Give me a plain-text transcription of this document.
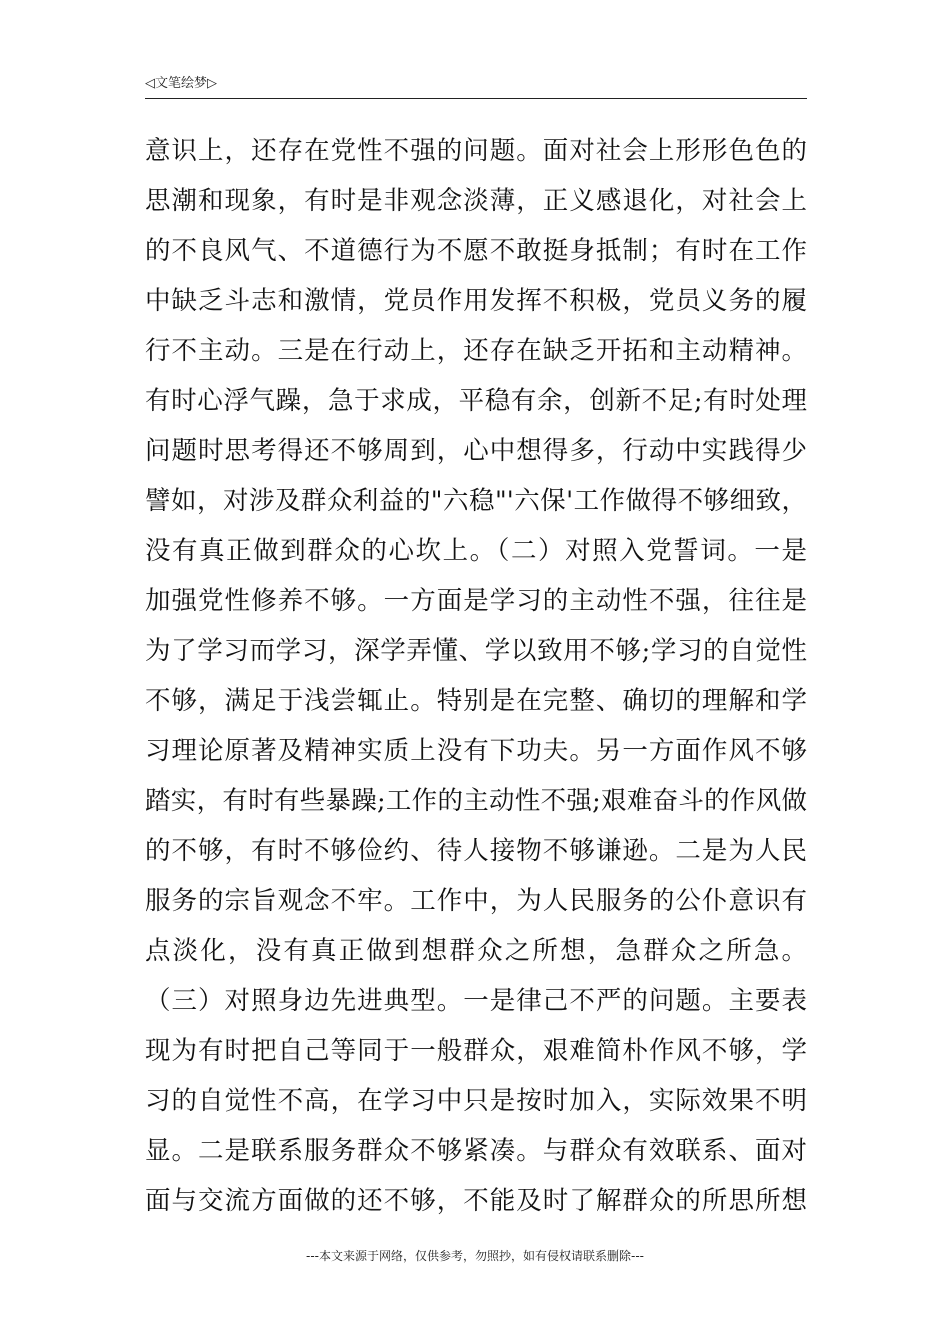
◁文笔绘梦▷
意识上，还存在党性不强的问题。面对社会上形形色色的
思潮和现象，有时是非观念淡薄，正义感退化，对社会上
的不良风气、不道德行为不愿不敢挺身抵制；有时在工作
中缺乏斗志和激情，党员作用发挥不积极，党员义务的履
行不主动。三是在行动上，还存在缺乏开拓和主动精神。
有时心浮气躁，急于求成，平稳有余，创新不足;有时处理
问题时思考得还不够周到，心中想得多，行动中实践得少
譬如，对涉及群众利益的"六稳"'六保'工作做得不够细致，
没有真正做到群众的心坎上。（二）对照入党誓词。一是
加强党性修养不够。一方面是学习的主动性不强，往往是
为了学习而学习，深学弄懂、学以致用不够;学习的自觉性
不够，满足于浅尝辄止。特别是在完整、确切的理解和学
习理论原著及精神实质上没有下功夫。另一方面作风不够
踏实，有时有些暴躁;工作的主动性不强;艰难奋斗的作风做
的不够，有时不够俭约、待人接物不够谦逊。二是为人民
服务的宗旨观念不牢。工作中，为人民服务的公仆意识有
点淡化，没有真正做到想群众之所想，急群众之所急。
（三）对照身边先进典型。一是律己不严的问题。主要表
现为有时把自己等同于一般群众，艰难简朴作风不够，学
习的自觉性不高，在学习中只是按时加入，实际效果不明
显。二是联系服务群众不够紧凑。与群众有效联系、面对
面与交流方面做的还不够，不能及时了解群众的所思所想
---本文来源于网络，仅供参考，勿照抄，如有侵权请联系删除---
